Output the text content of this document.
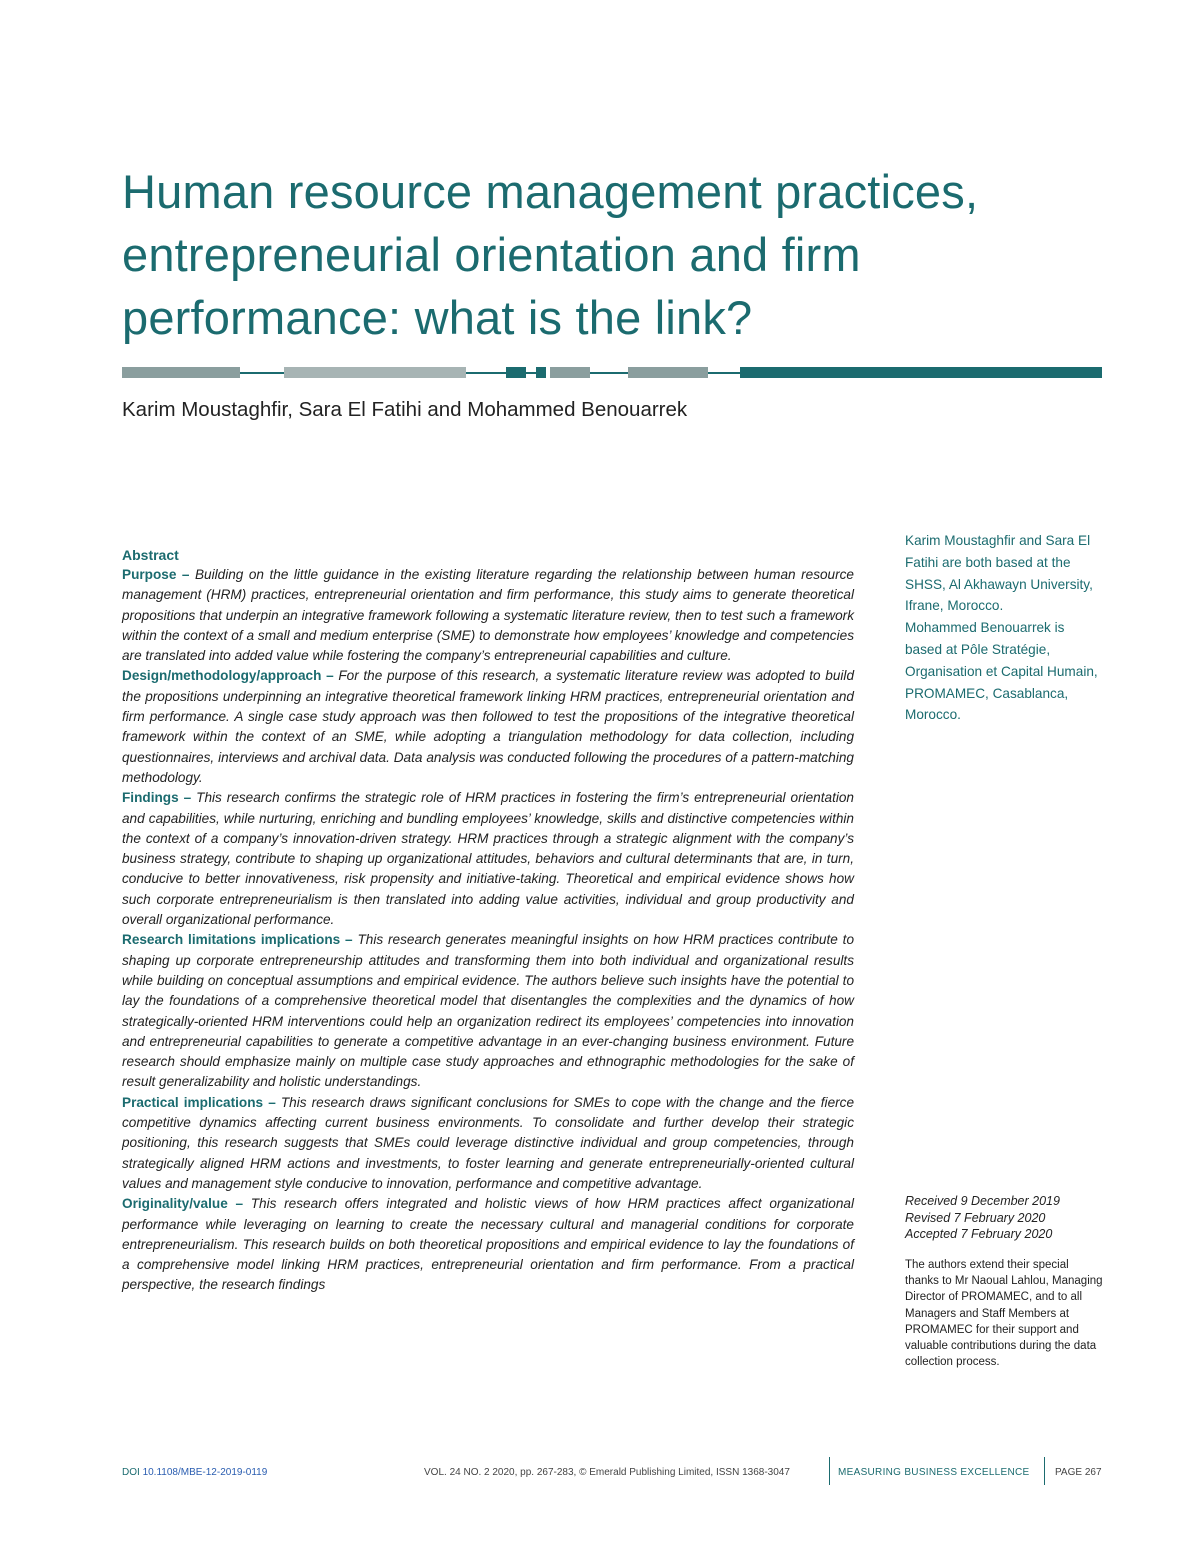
Human resource management practices,
entrepreneurial orientation and firm
performance: what is the link?
Karim Moustaghfir, Sara El Fatihi and Mohammed Benouarrek
Abstract

Purpose – Building on the little guidance in the existing literature regarding the relationship between human resource management (HRM) practices, entrepreneurial orientation and firm performance, this study aims to generate theoretical propositions that underpin an integrative framework following a systematic literature review, then to test such a framework within the context of a small and medium enterprise (SME) to demonstrate how employees’ knowledge and competencies are translated into added value while fostering the company’s entrepreneurial capabilities and culture.

Design/methodology/approach – For the purpose of this research, a systematic literature review was adopted to build the propositions underpinning an integrative theoretical framework linking HRM practices, entrepreneurial orientation and firm performance. A single case study approach was then followed to test the propositions of the integrative theoretical framework within the context of an SME, while adopting a triangulation methodology for data collection, including questionnaires, interviews and archival data. Data analysis was conducted following the procedures of a pattern-matching methodology.

Findings – This research confirms the strategic role of HRM practices in fostering the firm’s entrepreneurial orientation and capabilities, while nurturing, enriching and bundling employees’ knowledge, skills and distinctive competencies within the context of a company’s innovation-driven strategy. HRM practices through a strategic alignment with the company’s business strategy, contribute to shaping up organizational attitudes, behaviors and cultural determinants that are, in turn, conducive to better innovativeness, risk propensity and initiative-taking. Theoretical and empirical evidence shows how such corporate entrepreneurialism is then translated into adding value activities, individual and group productivity and overall organizational performance.

Research limitations implications – This research generates meaningful insights on how HRM practices contribute to shaping up corporate entrepreneurship attitudes and transforming them into both individual and organizational results while building on conceptual assumptions and empirical evidence. The authors believe such insights have the potential to lay the foundations of a comprehensive theoretical model that disentangles the complexities and the dynamics of how strategically-oriented HRM interventions could help an organization redirect its employees’ competencies into innovation and entrepreneurial capabilities to generate a competitive advantage in an ever-changing business environment. Future research should emphasize mainly on multiple case study approaches and ethnographic methodologies for the sake of result generalizability and holistic understandings.

Practical implications – This research draws significant conclusions for SMEs to cope with the change and the fierce competitive dynamics affecting current business environments. To consolidate and further develop their strategic positioning, this research suggests that SMEs could leverage distinctive individual and group competencies, through strategically aligned HRM actions and investments, to foster learning and generate entrepreneurially-oriented cultural values and management style conducive to innovation, performance and competitive advantage.

Originality/value – This research offers integrated and holistic views of how HRM practices affect organizational performance while leveraging on learning to create the necessary cultural and managerial conditions for corporate entrepreneurialism. This research builds on both theoretical propositions and empirical evidence to lay the foundations of a comprehensive model linking HRM practices, entrepreneurial orientation and firm performance. From a practical perspective, the research findings

Karim Moustaghfir and Sara El Fatihi are both based at the SHSS, Al Akhawayn University, Ifrane, Morocco.

Mohammed Benouarrek is based at Pôle Stratégie, Organisation et Capital Humain, PROMAMEC, Casablanca, Morocco.

Received 9 December 2019
Revised 7 February 2020
Accepted 7 February 2020
The authors extend their special thanks to Mr Naoual Lahlou, Managing Director of PROMAMEC, and to all Managers and Staff Members at PROMAMEC for their support and valuable contributions during the data collection process.
DOI 10.1108/MBE-12-2019-0119	VOL. 24 NO. 2 2020, pp. 267-283, © Emerald Publishing Limited, ISSN 1368-3047	MEASURING BUSINESS EXCELLENCE	PAGE 267
